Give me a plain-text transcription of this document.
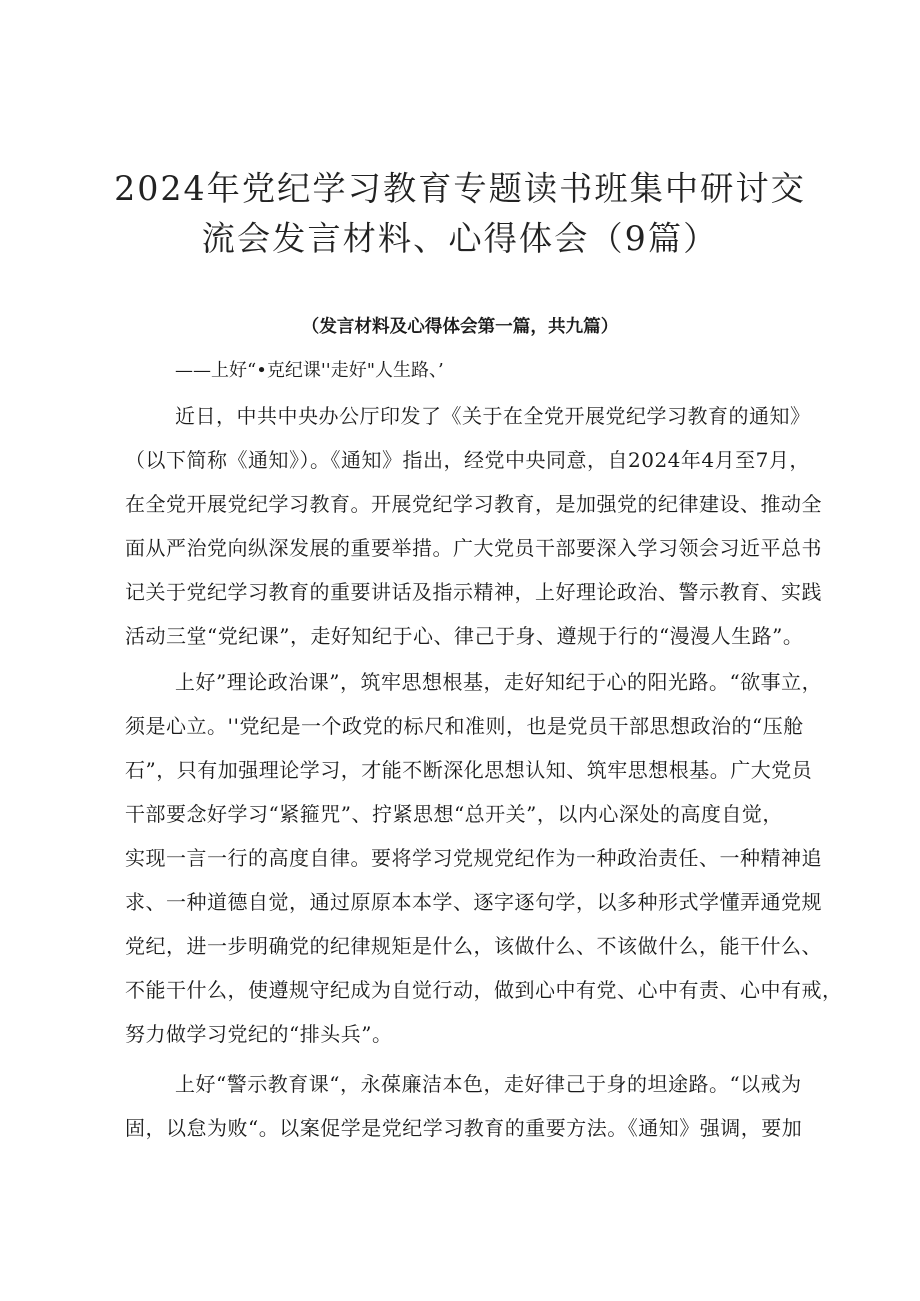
2024年党纪学习教育专题读书班集中研讨交
流会发言材料、心得体会（9篇）
（发言材料及心得体会第一篇，共九篇）
——上好“•克纪课''走好"人生路、’
近日，中共中央办公厅印发了《关于在全党开展党纪学习教育的通知》
（以下简称《通知》）。《通知》指出，经党中央同意，自2024年4月至7月，
在全党开展党纪学习教育。开展党纪学习教育，是加强党的纪律建设、推动全
面从严治党向纵深发展的重要举措。广大党员干部要深入学习领会习近平总书
记关于党纪学习教育的重要讲话及指示精神，上好理论政治、警示教育、实践
活动三堂“党纪课”，走好知纪于心、律己于身、遵规于行的“漫漫人生路”。
上好”理论政治课”，筑牢思想根基，走好知纪于心的阳光路。“欲事立，
须是心立。''党纪是一个政党的标尺和准则，也是党员干部思想政治的“压舱
石”，只有加强理论学习，才能不断深化思想认知、筑牢思想根基。广大党员
干部要念好学习“紧箍咒”、拧紧思想“总开关”，以内心深处的高度自觉，
实现一言一行的高度自律。要将学习党规党纪作为一种政治责任、一种精神追
求、一种道德自觉，通过原原本本学、逐字逐句学，以多种形式学懂弄通党规
党纪，进一步明确党的纪律规矩是什么，该做什么、不该做什么，能干什么、
不能干什么，使遵规守纪成为自觉行动，做到心中有党、心中有责、心中有戒，
努力做学习党纪的“排头兵”。
上好“警示教育课“，永葆廉洁本色，走好律己于身的坦途路。“以戒为
固，以怠为败“。以案促学是党纪学习教育的重要方法。《通知》强调，要加
